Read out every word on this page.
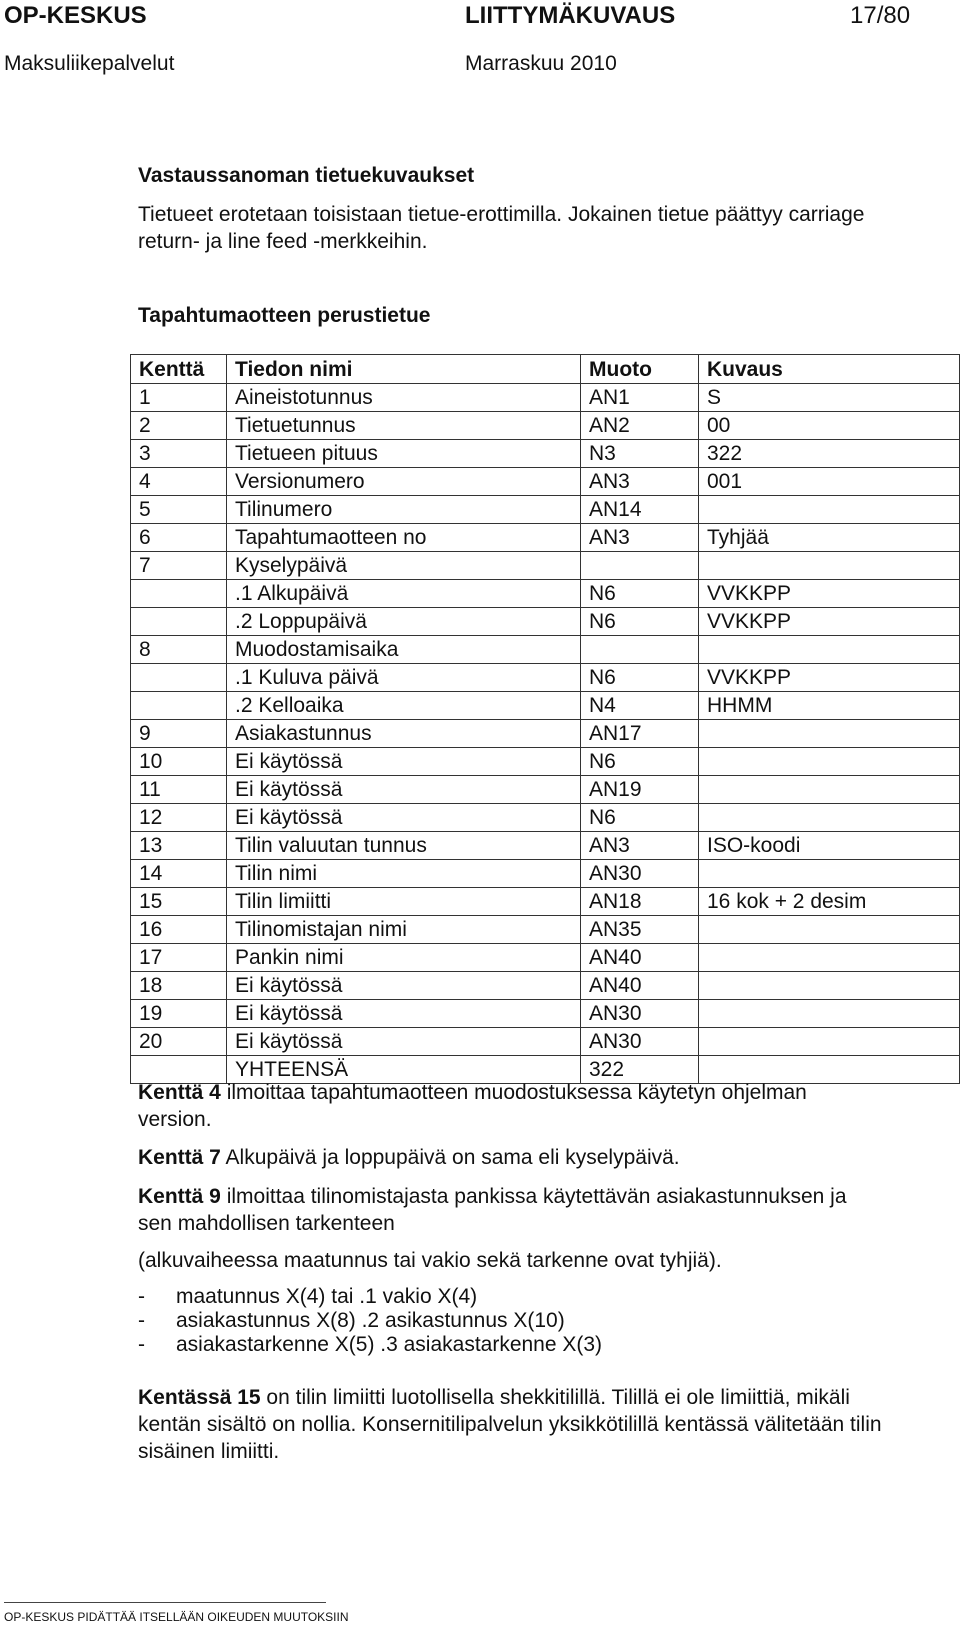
OP-KESKUS	LIITTYMÄKUVAUS	17/80
Maksuliikepalvelut	Marraskuu 2010
Vastaussanoman tietuekuvaukset
Tietueet erotetaan toisistaan tietue-erottimilla. Jokainen tietue päättyy carriage
return- ja line feed -merkkeihin.
Tapahtumaotteen perustietue
Kenttä	Tiedon nimi	Muoto	Kuvaus
1	Aineistotunnus	AN1	S
2	Tietuetunnus	AN2	00
3	Tietueen pituus	N3	322
4	Versionumero	AN3	001
5	Tilinumero	AN14	
6	Tapahtumaotteen no	AN3	Tyhjää
7	Kyselypäivä		
	.1 Alkupäivä	N6	VVKKPP
	.2 Loppupäivä	N6	VVKKPP
8	Muodostamisaika		
	.1 Kuluva päivä	N6	VVKKPP
	.2 Kelloaika	N4	HHMM
9	Asiakastunnus	AN17	
10	Ei käytössä	N6	
11	Ei käytössä	AN19	
12	Ei käytössä	N6	
13	Tilin valuutan tunnus	AN3	ISO-koodi
14	Tilin nimi	AN30	
15	Tilin limiitti	AN18	16 kok + 2 desim
16	Tilinomistajan nimi	AN35	
17	Pankin nimi	AN40	
18	Ei käytössä	AN40	
19	Ei käytössä	AN30	
20	Ei käytössä	AN30	
	YHTEENSÄ	322	
Kenttä 4 ilmoittaa tapahtumaotteen muodostuksessa käytetyn ohjelman
version.
Kenttä 7 Alkupäivä ja loppupäivä on sama eli kyselypäivä.
Kenttä 9 ilmoittaa tilinomistajasta pankissa käytettävän asiakastunnuksen ja
sen mahdollisen tarkenteen
(alkuvaiheessa maatunnus tai vakio sekä tarkenne ovat tyhjiä).
- maatunnus X(4) tai .1 vakio X(4)
- asiakastunnus X(8) .2 asikastunnus X(10)
- asiakastarkenne X(5) .3 asiakastarkenne X(3)
Kentässä 15 on tilin limiitti luotollisella shekkitilillä. Tilillä ei ole limiittiä, mikäli
kentän sisältö on nollia. Konsernitilipalvelun yksikkötilillä kentässä välitetään tilin
sisäinen limiitti.
OP-KESKUS PIDÄTTÄÄ ITSELLÄÄN OIKEUDEN MUUTOKSIIN
